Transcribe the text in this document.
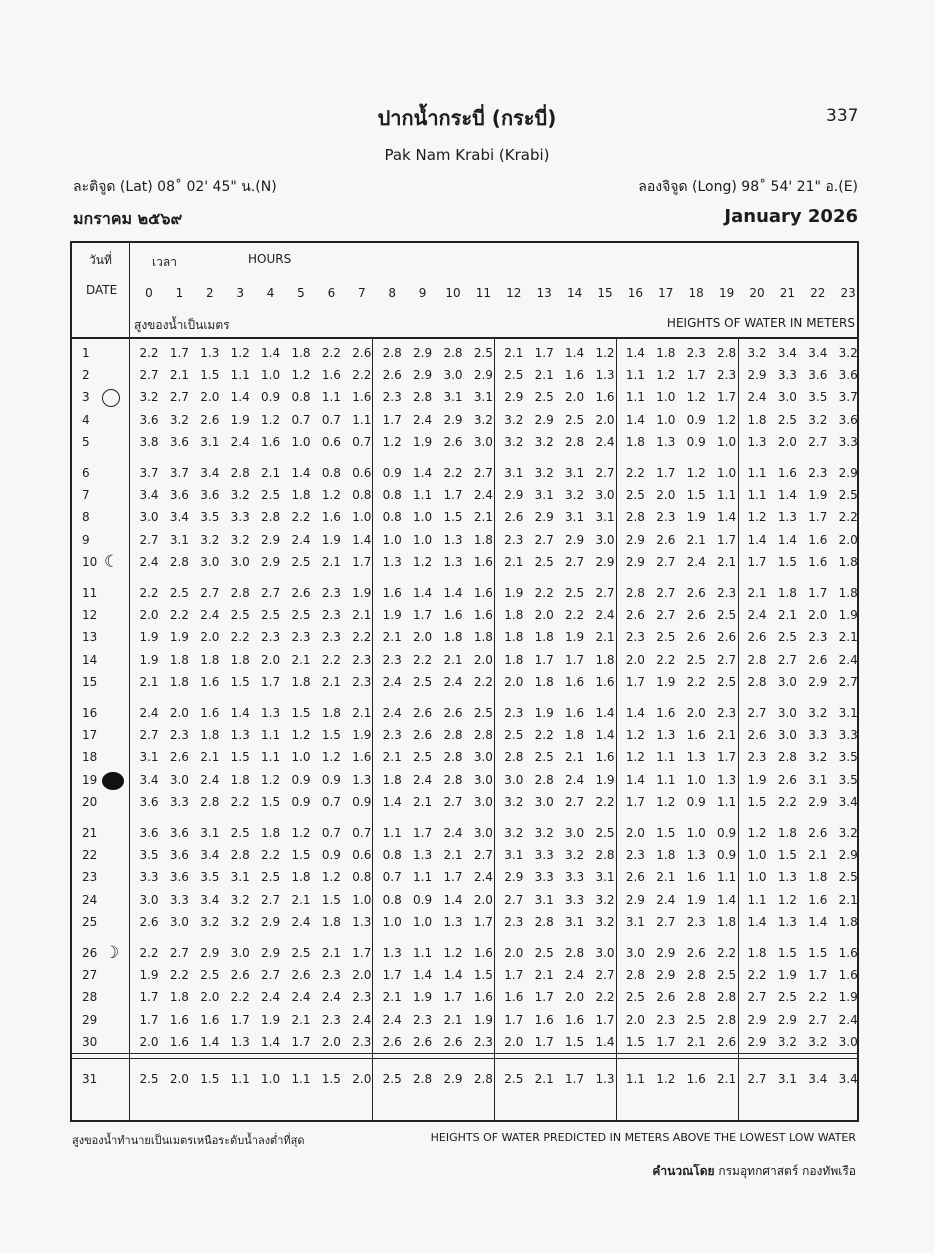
337
ปากน้ำกระบี่ (กระบี่)
Pak Nam Krabi (Krabi)
ละติจูด (Lat) 08˚ 02' 45" น.(N)	ลองจิจูด (Long) 98˚ 54' 21" อ.(E)
มกราคม ๒๕๖๙	January 2026
วันที่
DATE
เวลา	HOURS
สูงของน้ำเป็นเมตร	HEIGHTS OF WATER IN METERS
0	1	2	3	4	5	6	7	8	9	10	11	12	13	14	15	16	17	18	19	20	21	22	23
1	2.2 1.7 1.3 1.2 1.4 1.8 2.2 2.6 2.8 2.9 2.8 2.5 2.1 1.7 1.4 1.2 1.4 1.8 2.3 2.8 3.2 3.4 3.4 3.2
2	2.7 2.1 1.5 1.1 1.0 1.2 1.6 2.2 2.6 2.9 3.0 2.9 2.5 2.1 1.6 1.3 1.1 1.2 1.7 2.3 2.9 3.3 3.6 3.6
3	3.2 2.7 2.0 1.4 0.9 0.8 1.1 1.6 2.3 2.8 3.1 3.1 2.9 2.5 2.0 1.6 1.1 1.0 1.2 1.7 2.4 3.0 3.5 3.7
4	3.6 3.2 2.6 1.9 1.2 0.7 0.7 1.1 1.7 2.4 2.9 3.2 3.2 2.9 2.5 2.0 1.4 1.0 0.9 1.2 1.8 2.5 3.2 3.6
5	3.8 3.6 3.1 2.4 1.6 1.0 0.6 0.7 1.2 1.9 2.6 3.0 3.2 3.2 2.8 2.4 1.8 1.3 0.9 1.0 1.3 2.0 2.7 3.3
6	3.7 3.7 3.4 2.8 2.1 1.4 0.8 0.6 0.9 1.4 2.2 2.7 3.1 3.2 3.1 2.7 2.2 1.7 1.2 1.0 1.1 1.6 2.3 2.9
7	3.4 3.6 3.6 3.2 2.5 1.8 1.2 0.8 0.8 1.1 1.7 2.4 2.9 3.1 3.2 3.0 2.5 2.0 1.5 1.1 1.1 1.4 1.9 2.5
8	3.0 3.4 3.5 3.3 2.8 2.2 1.6 1.0 0.8 1.0 1.5 2.1 2.6 2.9 3.1 3.1 2.8 2.3 1.9 1.4 1.2 1.3 1.7 2.2
9	2.7 3.1 3.2 3.2 2.9 2.4 1.9 1.4 1.0 1.0 1.3 1.8 2.3 2.7 2.9 3.0 2.9 2.6 2.1 1.7 1.4 1.4 1.6 2.0
10 ☾	2.4 2.8 3.0 3.0 2.9 2.5 2.1 1.7 1.3 1.2 1.3 1.6 2.1 2.5 2.7 2.9 2.9 2.7 2.4 2.1 1.7 1.5 1.6 1.8
11	2.2 2.5 2.7 2.8 2.7 2.6 2.3 1.9 1.6 1.4 1.4 1.6 1.9 2.2 2.5 2.7 2.8 2.7 2.6 2.3 2.1 1.8 1.7 1.8
12	2.0 2.2 2.4 2.5 2.5 2.5 2.3 2.1 1.9 1.7 1.6 1.6 1.8 2.0 2.2 2.4 2.6 2.7 2.6 2.5 2.4 2.1 2.0 1.9
13	1.9 1.9 2.0 2.2 2.3 2.3 2.3 2.2 2.1 2.0 1.8 1.8 1.8 1.8 1.9 2.1 2.3 2.5 2.6 2.6 2.6 2.5 2.3 2.1
14	1.9 1.8 1.8 1.8 2.0 2.1 2.2 2.3 2.3 2.2 2.1 2.0 1.8 1.7 1.7 1.8 2.0 2.2 2.5 2.7 2.8 2.7 2.6 2.4
15	2.1 1.8 1.6 1.5 1.7 1.8 2.1 2.3 2.4 2.5 2.4 2.2 2.0 1.8 1.6 1.6 1.7 1.9 2.2 2.5 2.8 3.0 2.9 2.7
16	2.4 2.0 1.6 1.4 1.3 1.5 1.8 2.1 2.4 2.6 2.6 2.5 2.3 1.9 1.6 1.4 1.4 1.6 2.0 2.3 2.7 3.0 3.2 3.1
17	2.7 2.3 1.8 1.3 1.1 1.2 1.5 1.9 2.3 2.6 2.8 2.8 2.5 2.2 1.8 1.4 1.2 1.3 1.6 2.1 2.6 3.0 3.3 3.3
18	3.1 2.6 2.1 1.5 1.1 1.0 1.2 1.6 2.1 2.5 2.8 3.0 2.8 2.5 2.1 1.6 1.2 1.1 1.3 1.7 2.3 2.8 3.2 3.5
19	3.4 3.0 2.4 1.8 1.2 0.9 0.9 1.3 1.8 2.4 2.8 3.0 3.0 2.8 2.4 1.9 1.4 1.1 1.0 1.3 1.9 2.6 3.1 3.5
20	3.6 3.3 2.8 2.2 1.5 0.9 0.7 0.9 1.4 2.1 2.7 3.0 3.2 3.0 2.7 2.2 1.7 1.2 0.9 1.1 1.5 2.2 2.9 3.4
21	3.6 3.6 3.1 2.5 1.8 1.2 0.7 0.7 1.1 1.7 2.4 3.0 3.2 3.2 3.0 2.5 2.0 1.5 1.0 0.9 1.2 1.8 2.6 3.2
22	3.5 3.6 3.4 2.8 2.2 1.5 0.9 0.6 0.8 1.3 2.1 2.7 3.1 3.3 3.2 2.8 2.3 1.8 1.3 0.9 1.0 1.5 2.1 2.9
23	3.3 3.6 3.5 3.1 2.5 1.8 1.2 0.8 0.7 1.1 1.7 2.4 2.9 3.3 3.3 3.1 2.6 2.1 1.6 1.1 1.0 1.3 1.8 2.5
24	3.0 3.3 3.4 3.2 2.7 2.1 1.5 1.0 0.8 0.9 1.4 2.0 2.7 3.1 3.3 3.2 2.9 2.4 1.9 1.4 1.1 1.2 1.6 2.1
25	2.6 3.0 3.2 3.2 2.9 2.4 1.8 1.3 1.0 1.0 1.3 1.7 2.3 2.8 3.1 3.2 3.1 2.7 2.3 1.8 1.4 1.3 1.4 1.8
26 ☽	2.2 2.7 2.9 3.0 2.9 2.5 2.1 1.7 1.3 1.1 1.2 1.6 2.0 2.5 2.8 3.0 3.0 2.9 2.6 2.2 1.8 1.5 1.5 1.6
27	1.9 2.2 2.5 2.6 2.7 2.6 2.3 2.0 1.7 1.4 1.4 1.5 1.7 2.1 2.4 2.7 2.8 2.9 2.8 2.5 2.2 1.9 1.7 1.6
28	1.7 1.8 2.0 2.2 2.4 2.4 2.4 2.3 2.1 1.9 1.7 1.6 1.6 1.7 2.0 2.2 2.5 2.6 2.8 2.8 2.7 2.5 2.2 1.9
29	1.7 1.6 1.6 1.7 1.9 2.1 2.3 2.4 2.4 2.3 2.1 1.9 1.7 1.6 1.6 1.7 2.0 2.3 2.5 2.8 2.9 2.9 2.7 2.4
30	2.0 1.6 1.4 1.3 1.4 1.7 2.0 2.3 2.6 2.6 2.6 2.3 2.0 1.7 1.5 1.4 1.5 1.7 2.1 2.6 2.9 3.2 3.2 3.0
31	2.5 2.0 1.5 1.1 1.0 1.1 1.5 2.0 2.5 2.8 2.9 2.8 2.5 2.1 1.7 1.3 1.1 1.2 1.6 2.1 2.7 3.1 3.4 3.4
สูงของน้ำทำนายเป็นเมตรเหนือระดับน้ำลงต่ำที่สุด	HEIGHTS OF WATER PREDICTED IN METERS ABOVE THE LOWEST LOW WATER
คำนวณโดย กรมอุทกศาสตร์ กองทัพเรือ
